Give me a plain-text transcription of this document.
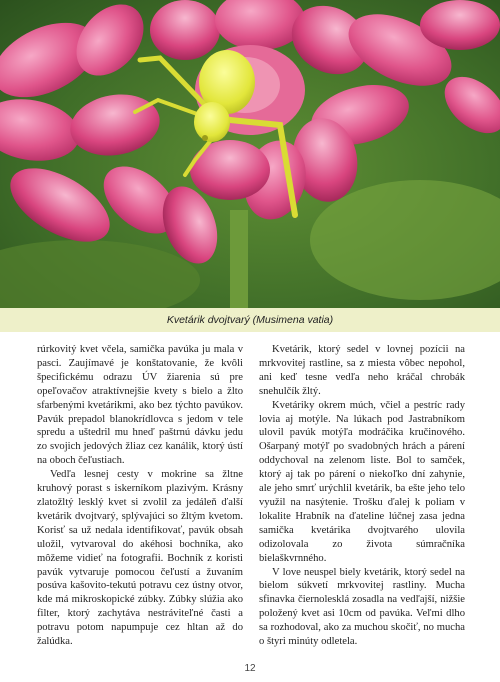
Kvetárik dvojtvarý (Musimena vatia)

rúrkovitý kvet včela, samička pavúka ju mala v pasci. Zaujímavé je konštatovanie, že kvôli špecifickému odrazu ÚV žiarenia sú pre opeľovačov atraktívnejšie kvety s bielo a žlto sfarbenými kvetárikmi, ako bez týchto pavúkov. Pavúk prepadol blanokrídlovca s jedom v tele spredu a uštedril mu hneď paštrnú dávku jedu zo svojich jedových žliaz cez kanálik, ktorý ústí na oboch čeľustiach.

Vedľa lesnej cesty v mokrine sa žltne kruhový porast s iskerníkom plazivým. Krásny zlatožltý lesklý kvet si zvolil za jedáleň ďalší kvetárik dvojtvarý, splývajúci so žltým kvetom. Korisť sa už nedala identifikovať, pavúk obsah uložil, vytvaroval do akéhosi bochníka, ako môžeme vidieť na fotografii. Bochník z koristi pavúk vytvaruje pomocou čeľustí a žuvaním posúva kašovito-tekutú potravu cez ústny otvor, kde má mikroskopické zúbky. Zúbky slúžia ako filter, ktorý zachytáva nestráviteľné časti a potravu potom napumpuje cez hltan až do žalúdka.

Kvetárik, ktorý sedel v lovnej pozícii na mrkvovitej rastline, sa z miesta vôbec nepohol, ani keď tesne vedľa neho kráčal chrobák snehulčík žltý.

Kvetáriky okrem múch, včiel a pestríc rady lovia aj motýle. Na lúkach pod Jastrabníkom ulovil pavúk motýľa modráčika kručinového. Ošarpaný motýľ po svadobných hrách a párení oddychoval na zelenom liste. Bol to samček, ktorý aj tak po párení o niekoľko dní zahynie, ale jeho smrť urýchlil kvetárik, ba ešte jeho telo využil na nasýtenie. Trošku ďalej k poliam v lokalite Hrabník na ďateline lúčnej zasa jedna samička kvetárika dvojtvarého ulovila odizolovala zo života súmračníka bielaškvrnného.

V love neuspel biely kvetárik, ktorý sedel na bielom súkvetí mrkvovitej rastliny. Mucha sfinavka čiernolesklá zosadla na vedľajší, nižšie položený kvet asi 10cm od pavúka. Veľmi dlho sa rozhodoval, ako za muchou skočiť, no mucha o štyri minúty odletela.

12
